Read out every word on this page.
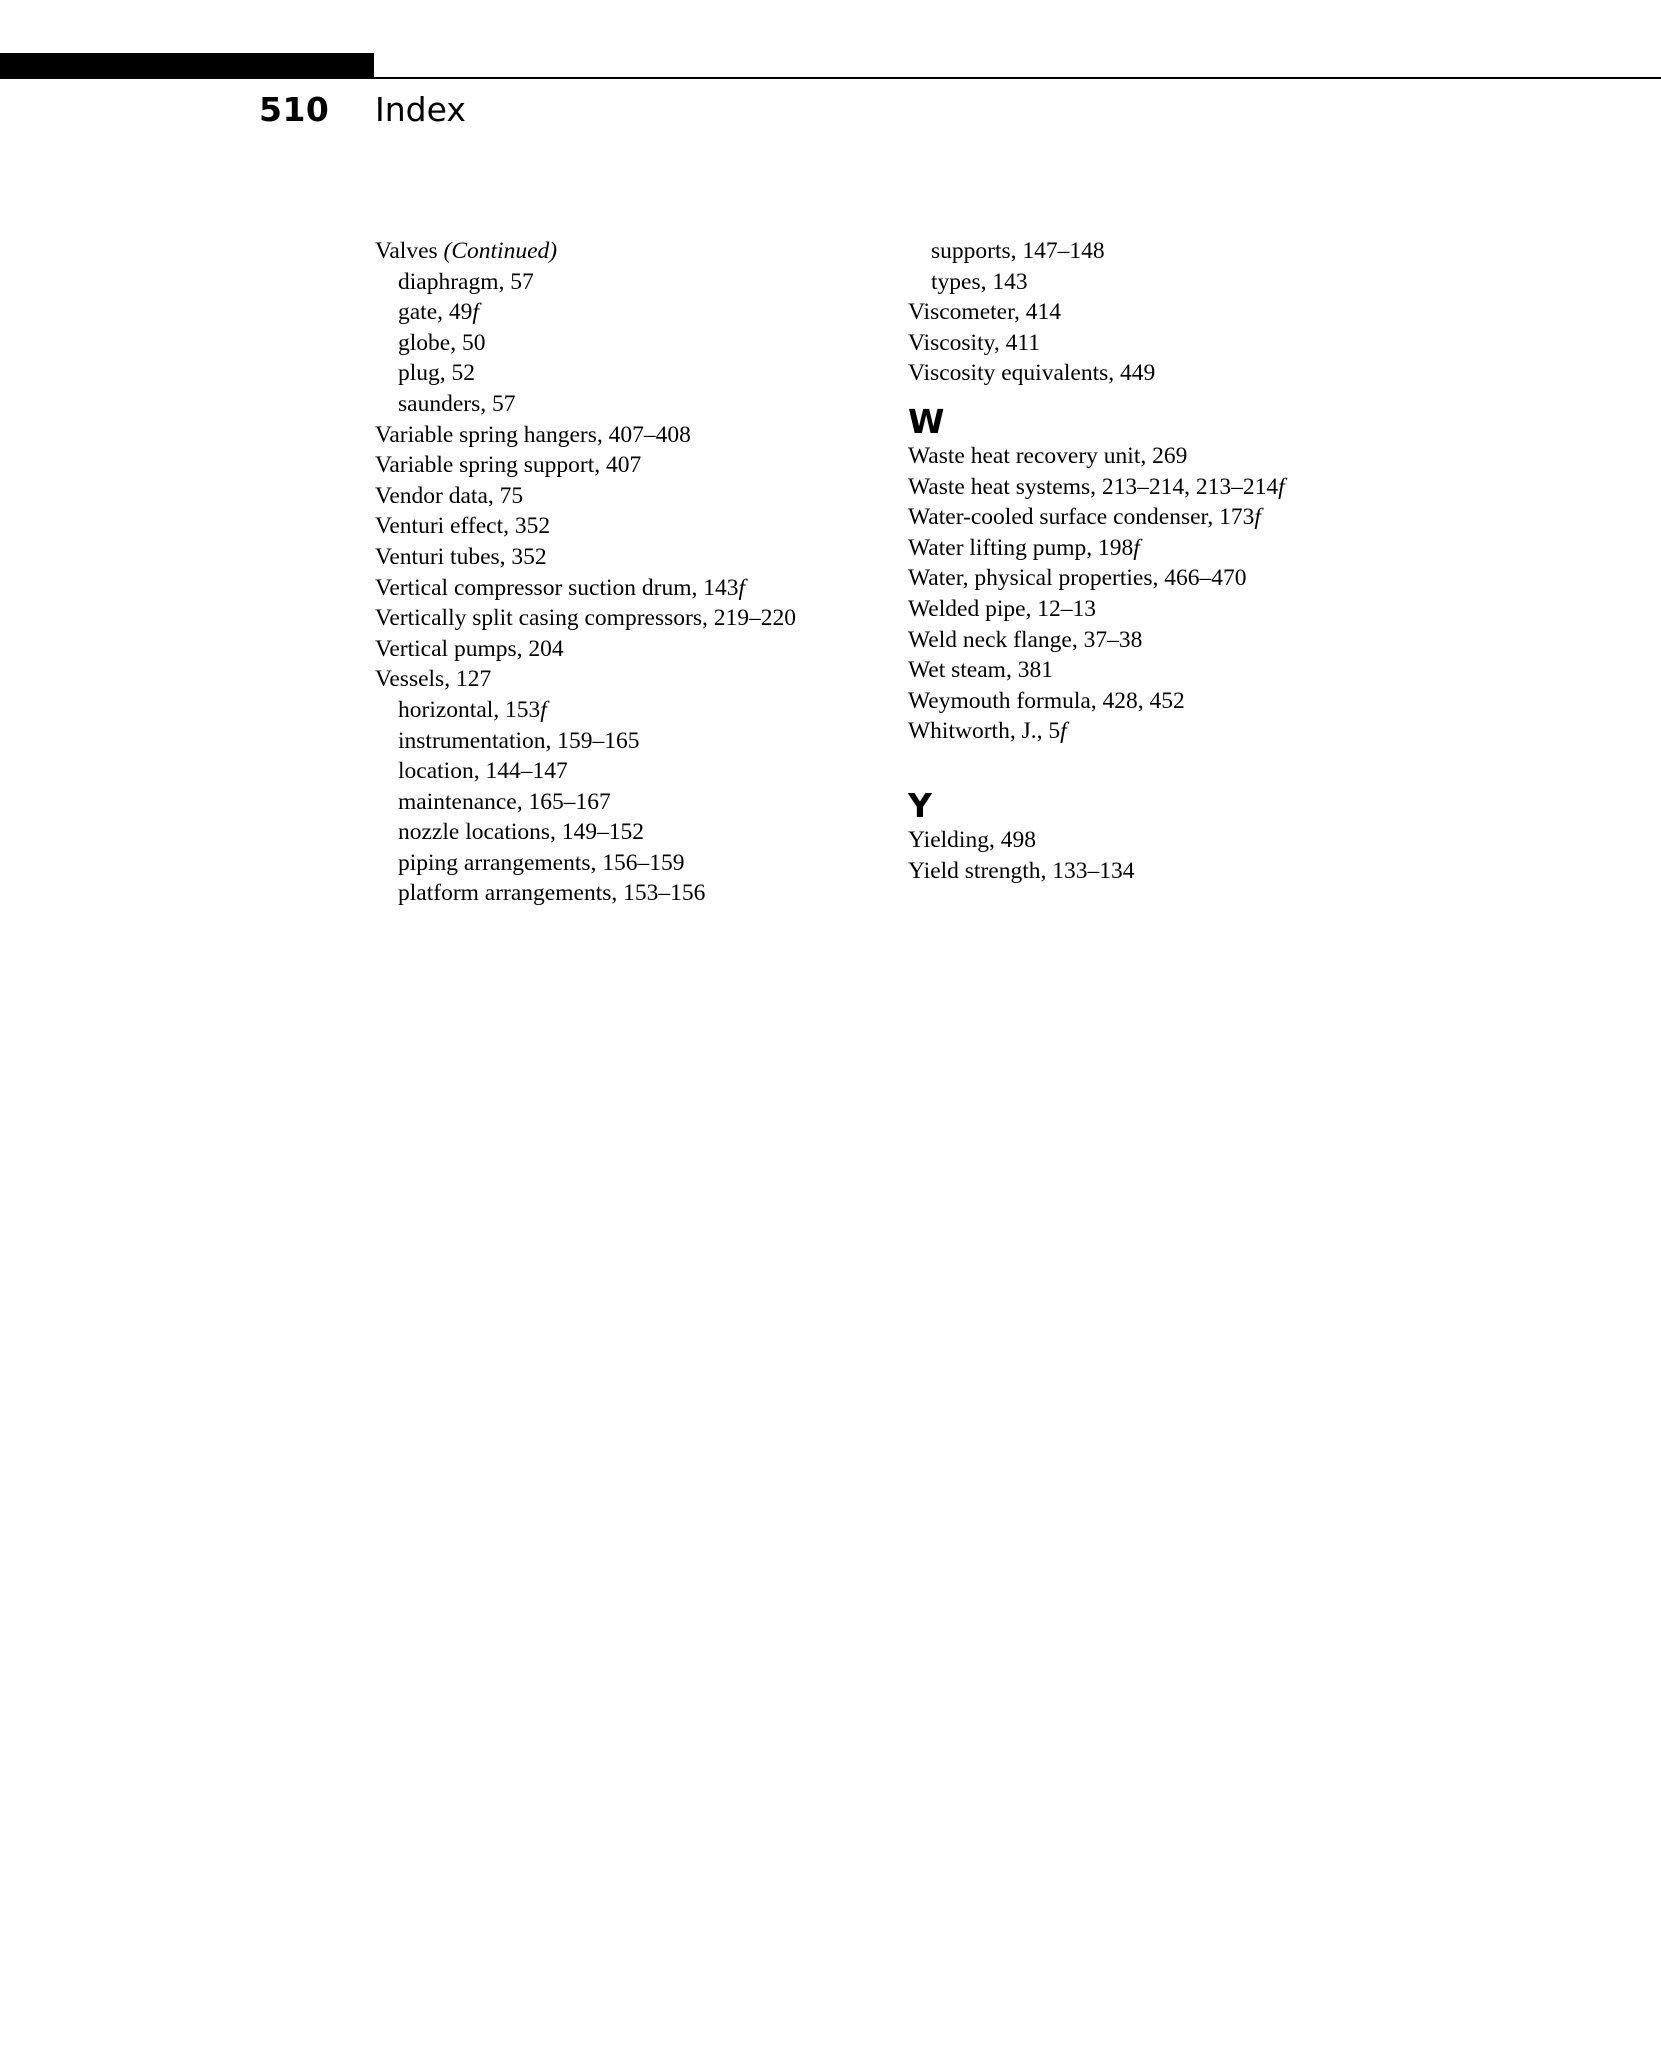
510 Index
Valves (Continued)
diaphragm, 57
gate, 49f
globe, 50
plug, 52
saunders, 57
Variable spring hangers, 407–408
Variable spring support, 407
Vendor data, 75
Venturi effect, 352
Venturi tubes, 352
Vertical compressor suction drum, 143f
Vertically split casing compressors, 219–220
Vertical pumps, 204
Vessels, 127
horizontal, 153f
instrumentation, 159–165
location, 144–147
maintenance, 165–167
nozzle locations, 149–152
piping arrangements, 156–159
platform arrangements, 153–156
supports, 147–148
types, 143
Viscometer, 414
Viscosity, 411
Viscosity equivalents, 449
W
Waste heat recovery unit, 269
Waste heat systems, 213–214, 213–214f
Water-cooled surface condenser, 173f
Water lifting pump, 198f
Water, physical properties, 466–470
Welded pipe, 12–13
Weld neck flange, 37–38
Wet steam, 381
Weymouth formula, 428, 452
Whitworth, J., 5f
Y
Yielding, 498
Yield strength, 133–134
